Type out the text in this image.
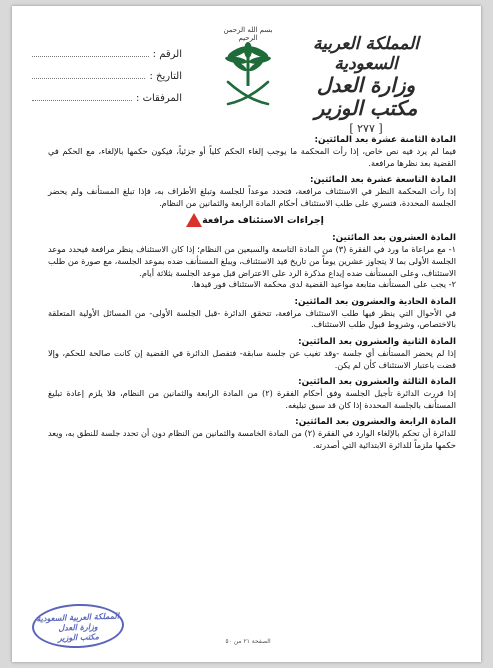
المملكة العربية السعودية
وزارة العدل
مكتب الوزير
[ ٢٧٧ ]
بسم الله الرحمن الرحيم
الرقم :
التاريخ :
المرفقات :
المادة الثامنة عشرة بعد المائتين:

فيما لم يرد فيه نص خاص، إذا رأت المحكمة ما يوجب إلغاء الحكم كلياً أو جزئياً، فيكون حكمها بالإلغاء، مع الحكم في القضية بعد نظرها مرافعة.

المادة التاسعة عشرة بعد المائتين:

إذا رأت المحكمة النظر في الاستئناف مرافعة، فتحدد موعداً للجلسة وتبلغ الأطراف به، فإذا تبلغ المستأنف ولم يحضر الجلسة المحددة، فتسري على طلب الاستئناف أحكام المادة الرابعة والثمانين من النظام.

إجراءات الاستئناف مرافعة
المادة العشرون بعد المائتين:

١- مع مراعاة ما ورد في الفقرة (٣) من المادة التاسعة والسبعين من النظام؛ إذا كان الاستئناف ينظر مرافعة فيحدد موعد الجلسة الأولى بما لا يتجاوز عشرين يوماً من تاريخ قيد الاستئناف، ويبلغ المستأنف ضده بموعد الجلسة، مع صورة من طلب الاستئناف، وعلى المستأنف ضده إيداع مذكرة الرد على الاعتراض قبل موعد الجلسة بثلاثة أيام.

٢- يجب على المستأنف متابعة مواعيد القضية لدى محكمة الاستئناف فور قيدها.

المادة الحادية والعشرون بعد المائتين:

في الأحوال التي ينظر فيها طلب الاستئناف مرافعة، تتحقق الدائرة -قبل الجلسة الأولى- من المسائل الأولية المتعلقة بالاختصاص، وشروط قبول طلب الاستئناف.

المادة الثانية والعشرون بعد المائتين:

إذا لم يحضر المستأنف أي جلسة -وقد تغيب عن جلسة سابقة- فتفصل الدائرة في القضية إن كانت صالحة للحكم، وإلا قضت باعتبار الاستئناف كأن لم يكن.

المادة الثالثة والعشرون بعد المائتين:

إذا قررت الدائرة تأجيل الجلسة وفق أحكام الفقرة (٢) من المادة الرابعة والثمانين من النظام، فلا يلزم إعادة تبليغ المستأنف بالجلسة المحددة إذا كان قد سبق تبليغه.

المادة الرابعة والعشرون بعد المائتين:

للدائرة أن تحكم بالإلغاء الوارد في الفقرة (٢) من المادة الخامسة والثمانين من النظام دون أن تحدد جلسة للنطق به، ويعد حكمها ملزماً للدائرة الابتدائية التي أصدرته.

المملكة العربية السعودية
وزارة العدل
مكتب الوزير	الصفحة ٢١ من ٥٠
